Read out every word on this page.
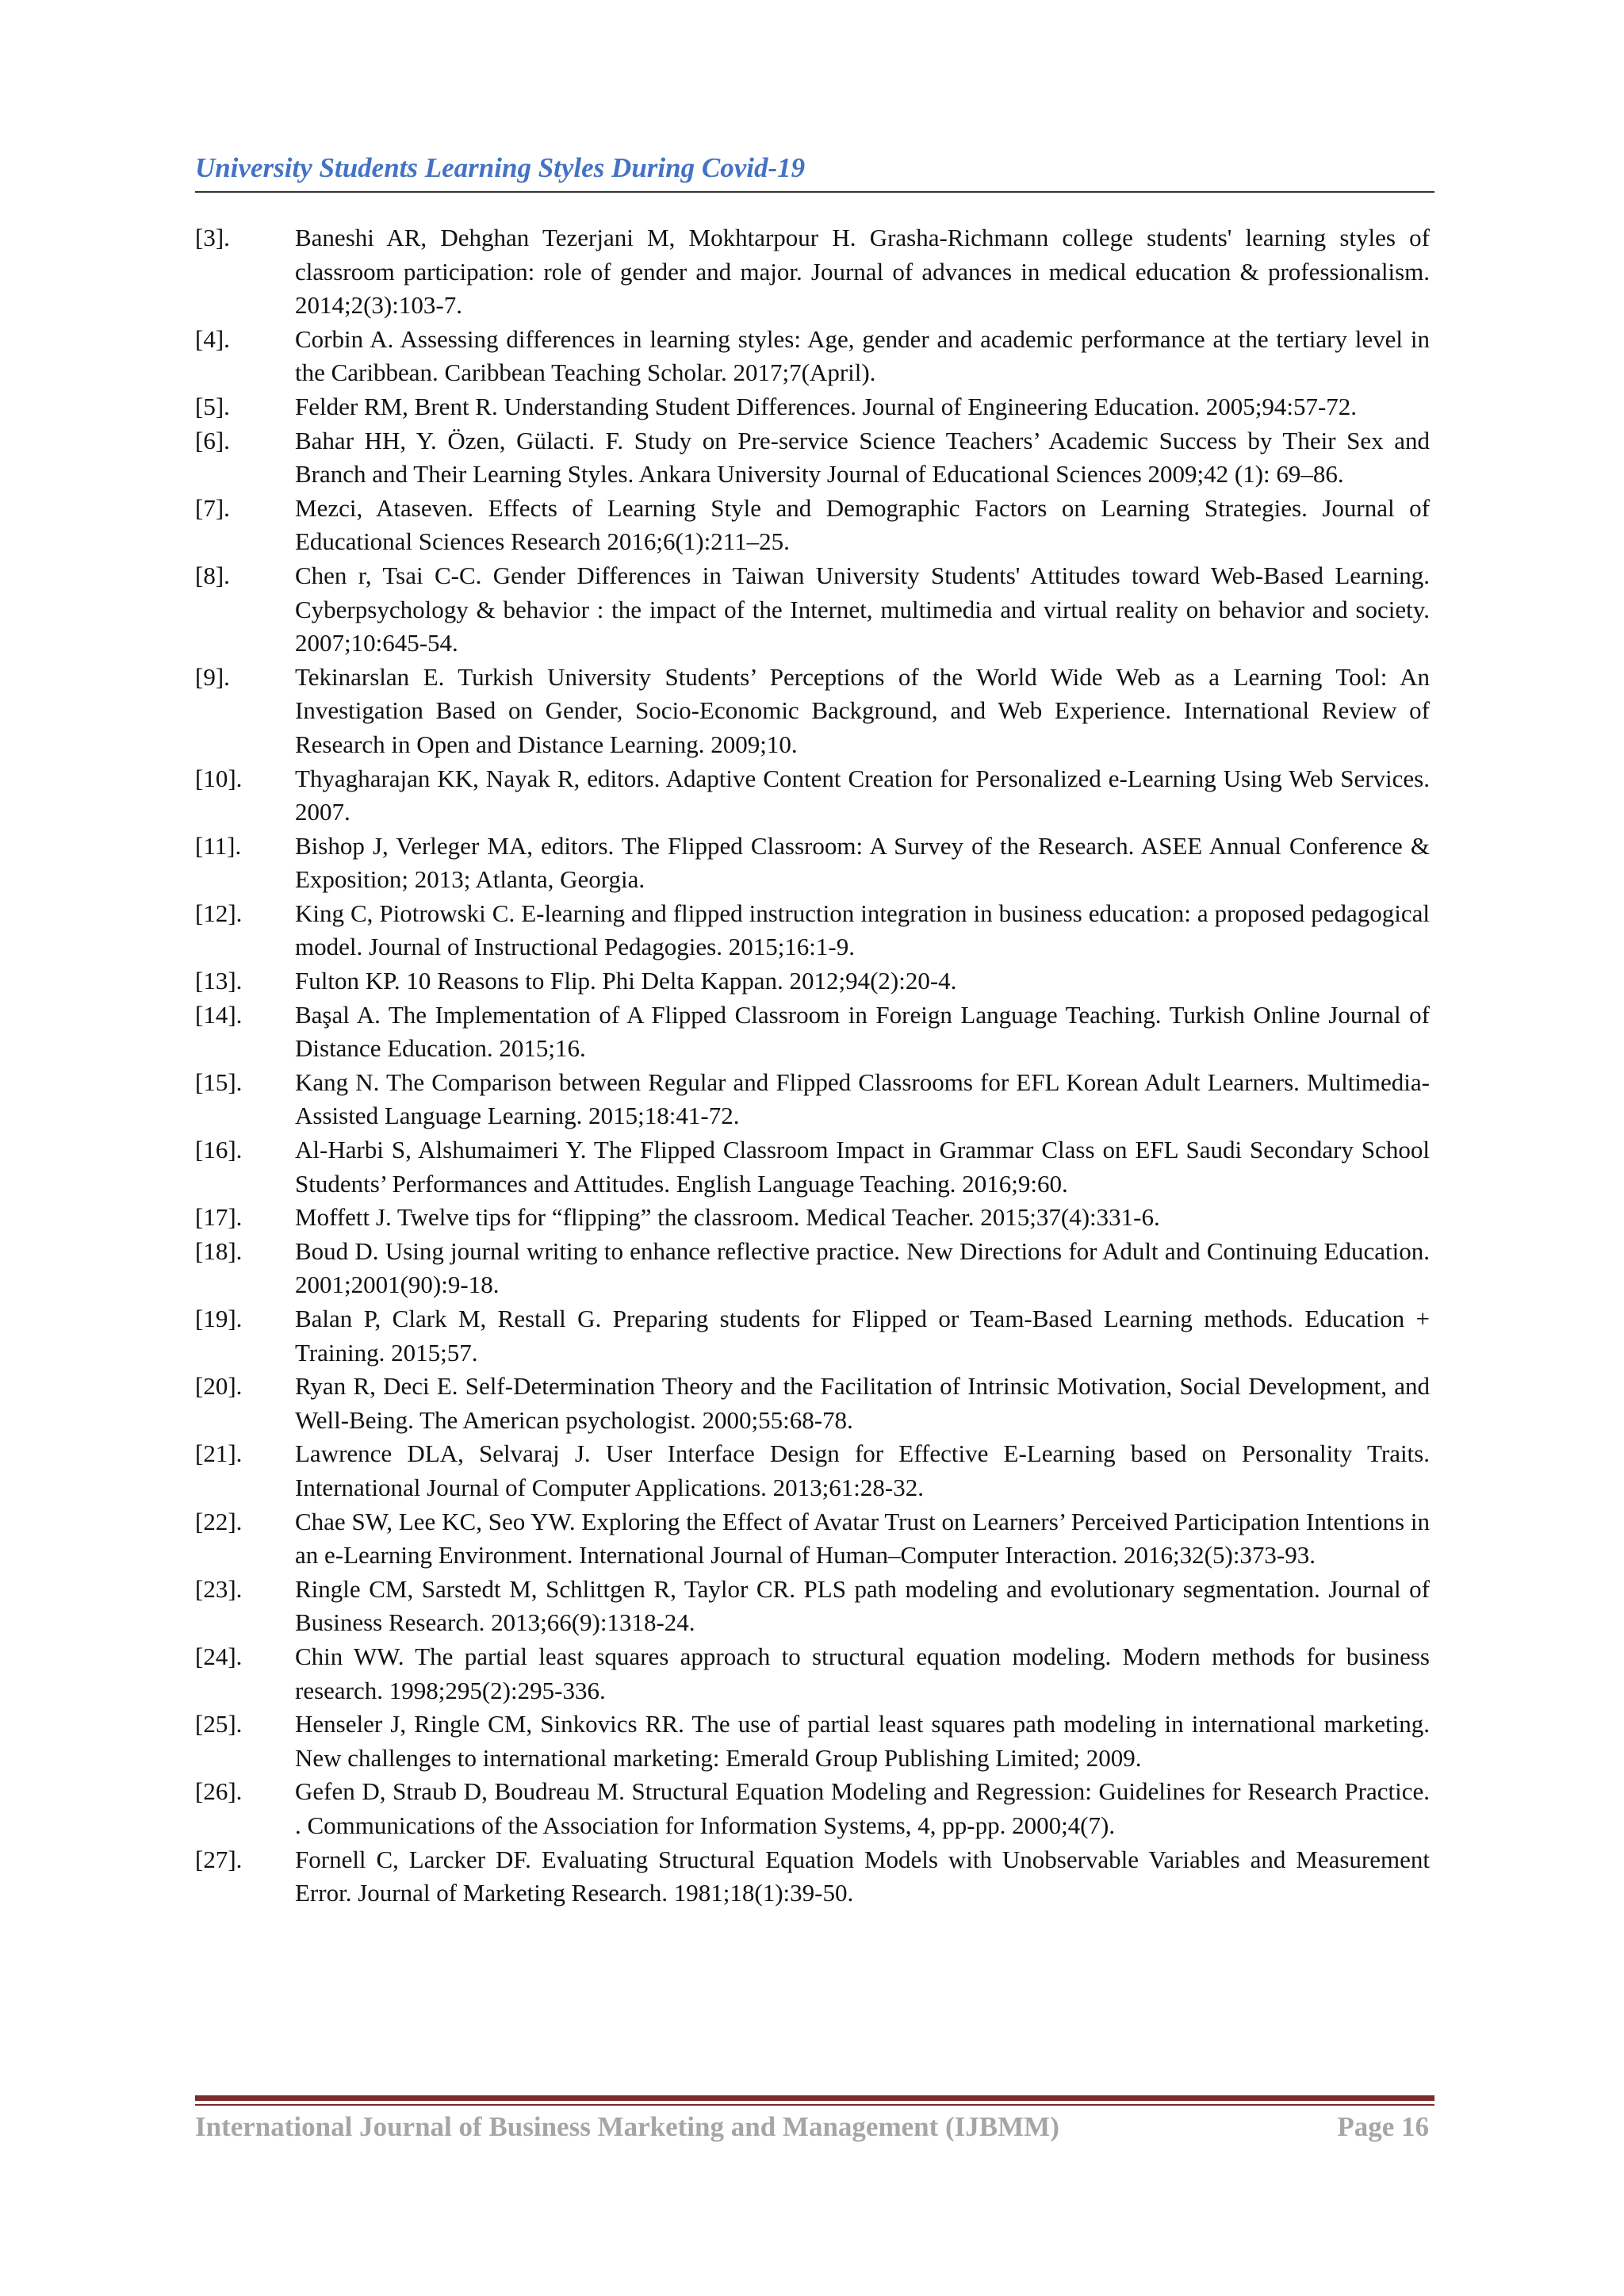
University Students Learning Styles During Covid-19
[3].	Baneshi AR, Dehghan Tezerjani M, Mokhtarpour H. Grasha-Richmann college students' learning styles of classroom participation: role of gender and major. Journal of advances in medical education & professionalism. 2014;2(3):103-7.
[4].	Corbin A. Assessing differences in learning styles: Age, gender and academic performance at the tertiary level in the Caribbean. Caribbean Teaching Scholar. 2017;7(April).
[5].	Felder RM, Brent R. Understanding Student Differences. Journal of Engineering Education. 2005;94:57-72.
[6].	Bahar HH, Y. Özen, Gülacti. F. Study on Pre-service Science Teachers’ Academic Success by Their Sex and Branch and Their Learning Styles. Ankara University Journal of Educational Sciences 2009;42 (1): 69–86.
[7].	Mezci, Ataseven. Effects of Learning Style and Demographic Factors on Learning Strategies. Journal of Educational Sciences Research 2016;6(1):211–25.
[8].	Chen r, Tsai C-C. Gender Differences in Taiwan University Students' Attitudes toward Web-Based Learning. Cyberpsychology & behavior : the impact of the Internet, multimedia and virtual reality on behavior and society. 2007;10:645-54.
[9].	Tekinarslan E. Turkish University Students’ Perceptions of the World Wide Web as a Learning Tool: An Investigation Based on Gender, Socio-Economic Background, and Web Experience. International Review of Research in Open and Distance Learning. 2009;10.
[10].	Thyagharajan KK, Nayak R, editors. Adaptive Content Creation for Personalized e-Learning Using Web Services. 2007.
[11].	Bishop J, Verleger MA, editors. The Flipped Classroom: A Survey of the Research. ASEE Annual Conference & Exposition; 2013; Atlanta, Georgia.
[12].	King C, Piotrowski C. E-learning and flipped instruction integration in business education: a proposed pedagogical model. Journal of Instructional Pedagogies. 2015;16:1-9.
[13].	Fulton KP. 10 Reasons to Flip. Phi Delta Kappan. 2012;94(2):20-4.
[14].	Başal A. The Implementation of A Flipped Classroom in Foreign Language Teaching. Turkish Online Journal of Distance Education. 2015;16.
[15].	Kang N. The Comparison between Regular and Flipped Classrooms for EFL Korean Adult Learners. Multimedia-Assisted Language Learning. 2015;18:41-72.
[16].	Al-Harbi S, Alshumaimeri Y. The Flipped Classroom Impact in Grammar Class on EFL Saudi Secondary School Students’ Performances and Attitudes. English Language Teaching. 2016;9:60.
[17].	Moffett J. Twelve tips for “flipping” the classroom. Medical Teacher. 2015;37(4):331-6.
[18].	Boud D. Using journal writing to enhance reflective practice. New Directions for Adult and Continuing Education. 2001;2001(90):9-18.
[19].	Balan P, Clark M, Restall G. Preparing students for Flipped or Team-Based Learning methods. Education + Training. 2015;57.
[20].	Ryan R, Deci E. Self-Determination Theory and the Facilitation of Intrinsic Motivation, Social Development, and Well-Being. The American psychologist. 2000;55:68-78.
[21].	Lawrence DLA, Selvaraj J. User Interface Design for Effective E-Learning based on Personality Traits. International Journal of Computer Applications. 2013;61:28-32.
[22].	Chae SW, Lee KC, Seo YW. Exploring the Effect of Avatar Trust on Learners’ Perceived Participation Intentions in an e-Learning Environment. International Journal of Human–Computer Interaction. 2016;32(5):373-93.
[23].	Ringle CM, Sarstedt M, Schlittgen R, Taylor CR. PLS path modeling and evolutionary segmentation. Journal of Business Research. 2013;66(9):1318-24.
[24].	Chin WW. The partial least squares approach to structural equation modeling. Modern methods for business research. 1998;295(2):295-336.
[25].	Henseler J, Ringle CM, Sinkovics RR. The use of partial least squares path modeling in international marketing. New challenges to international marketing: Emerald Group Publishing Limited; 2009.
[26].	Gefen D, Straub D, Boudreau M. Structural Equation Modeling and Regression: Guidelines for Research Practice. . Communications of the Association for Information Systems, 4, pp-pp. 2000;4(7).
[27].	Fornell C, Larcker DF. Evaluating Structural Equation Models with Unobservable Variables and Measurement Error. Journal of Marketing Research. 1981;18(1):39-50.
International Journal of Business Marketing and Management (IJBMM)	Page 16
